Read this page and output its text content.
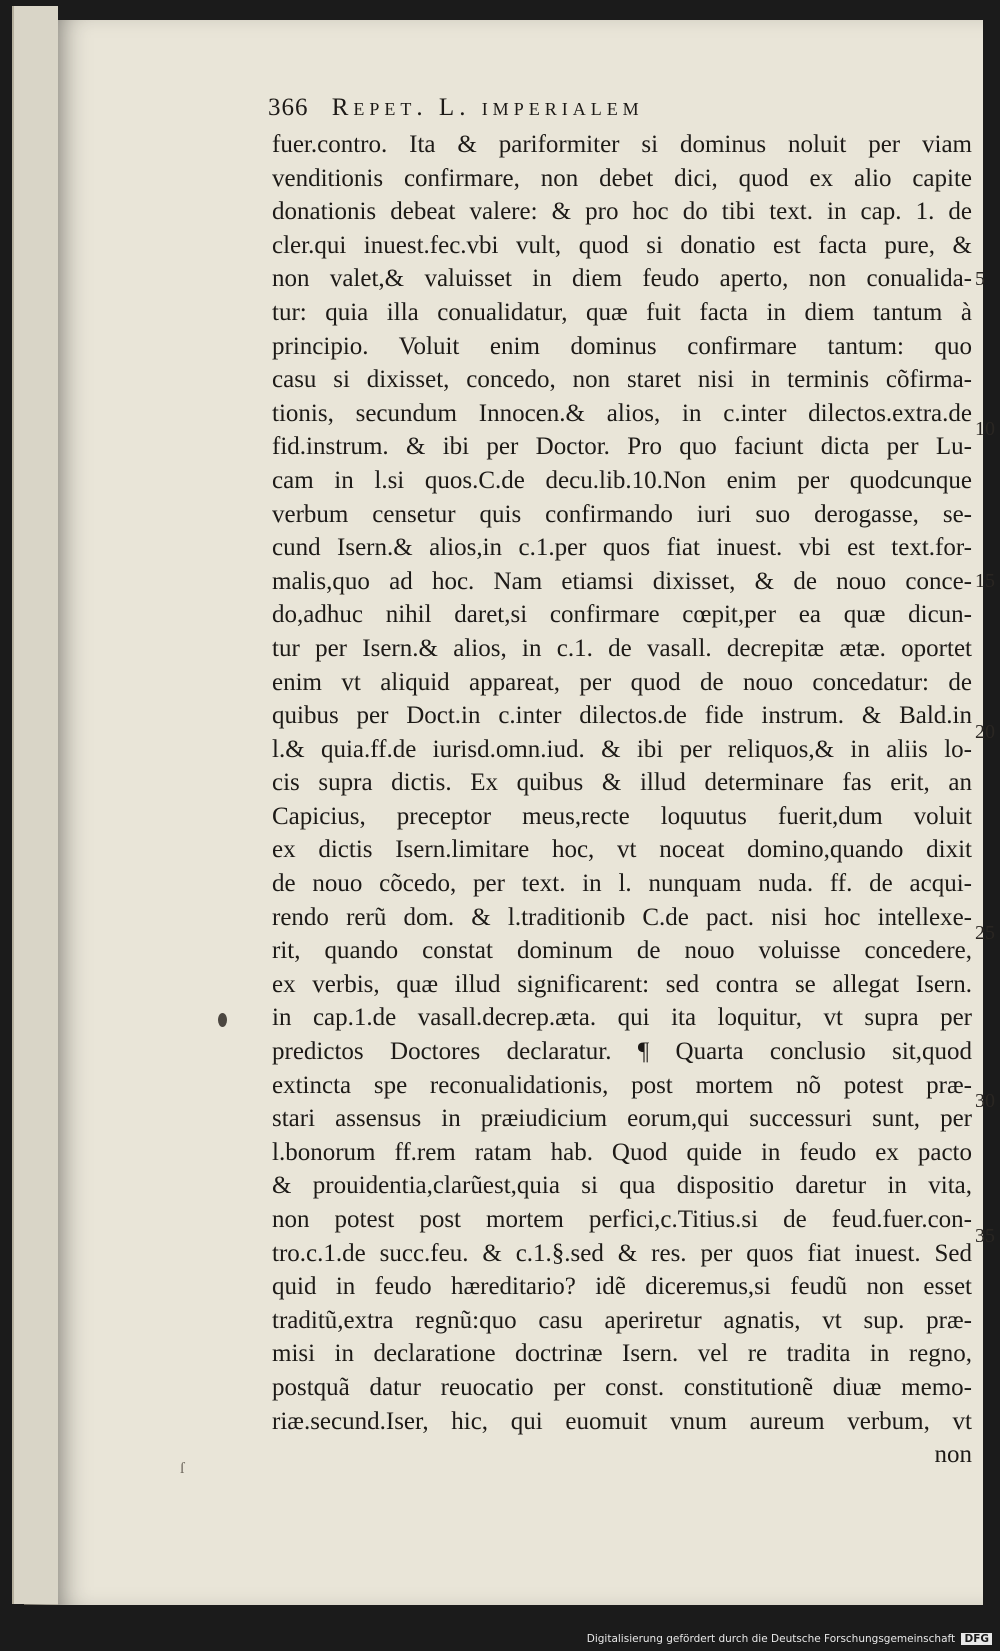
366 Repet. L. imperialem
fuer.contro. Ita & pariformiter si dominus noluit per viam
venditionis confirmare, non debet dici, quod ex alio capite
donationis debeat valere: & pro hoc do tibi text. in cap. 1. de
cler.qui inuest.fec.vbi vult, quod si donatio est facta pure, &
non valet,& valuisset in diem feudo aperto, non conualida-
tur: quia illa conualidatur, quæ fuit facta in diem tantum à
principio. Voluit enim dominus confirmare tantum: quo
casu si dixisset, concedo, non staret nisi in terminis cõfirma-
tionis, secundum Innocen.& alios, in c.inter dilectos.extra.de
fid.instrum. & ibi per Doctor. Pro quo faciunt dicta per Lu-
cam in l.si quos.C.de decu.lib.10.Non enim per quodcunque
verbum censetur quis confirmando iuri suo derogasse, se-
cund Isern.& alios,in c.1.per quos fiat inuest. vbi est text.for-
malis,quo ad hoc. Nam etiamsi dixisset, & de nouo conce-
do,adhuc nihil daret,si confirmare cœpit,per ea quæ dicun-
tur per Isern.& alios, in c.1. de vasall. decrepitæ ætæ. oportet
enim vt aliquid appareat, per quod de nouo concedatur: de
quibus per Doct.in c.inter dilectos.de fide instrum. & Bald.in
l.& quia.ff.de iurisd.omn.iud. & ibi per reliquos,& in aliis lo-
cis supra dictis. Ex quibus & illud determinare fas erit, an
Capicius, preceptor meus,recte loquutus fuerit,dum voluit
ex dictis Isern.limitare hoc, vt noceat domino,quando dixit
de nouo cõcedo, per text. in l. nunquam nuda. ff. de acqui-
rendo rerũ dom. & l.traditionib C.de pact. nisi hoc intellexe-
rit, quando constat dominum de nouo voluisse concedere,
ex verbis, quæ illud significarent: sed contra se allegat Isern.
in cap.1.de vasall.decrep.æta. qui ita loquitur, vt supra per
predictos Doctores declaratur. ¶ Quarta conclusio sit,quod
extincta spe reconualidationis, post mortem nõ potest præ-
stari assensus in præiudicium eorum,qui successuri sunt, per
l.bonorum ff.rem ratam hab. Quod quide in feudo ex pacto
& prouidentia,clarũest,quia si qua dispositio daretur in vita,
non potest post mortem perfici,c.Titius.si de feud.fuer.con-
tro.c.1.de succ.feu. & c.1.§.sed & res. per quos fiat inuest. Sed
quid in feudo hæreditario? idẽ diceremus,si feudũ non esset
traditũ,extra regnũ:quo casu aperiretur agnatis, vt sup. præ-
misi in declaratione doctrinæ Isern. vel re tradita in regno,
postquã datur reuocatio per const. constitutionẽ diuæ memo-
riæ.secund.Iser, hic, qui euomuit vnum aureum verbum, vt
non
5
10
15
20
25
30
35
ſ
Digitalisierung gefördert durch die Deutsche Forschungsgemeinschaft DFG
